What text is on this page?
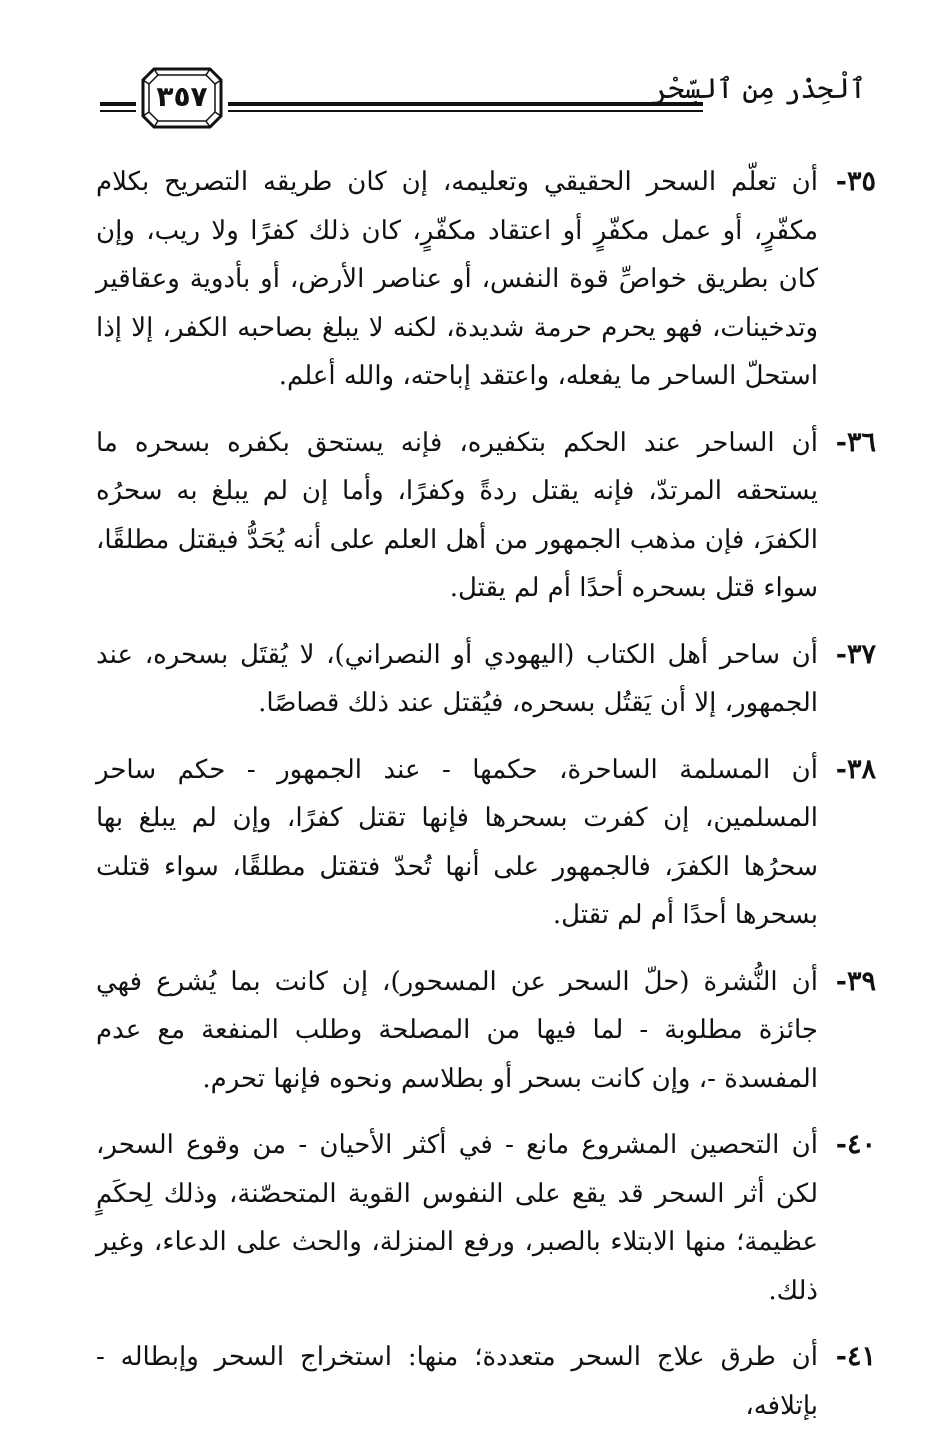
ٱلْحِذْر مِن ٱلسِّحْر
٣٥٧
٣٥-
أن تعلّم السحر الحقيقي وتعليمه، إن كان طريقه التصريح بكلام مكفّرٍ، أو عمل مكفّرٍ أو اعتقاد مكفّرٍ، كان ذلك كفرًا ولا ريب، وإن كان بطريق خواصِّ قوة النفس، أو عناصر الأرض، أو بأدوية وعقاقير وتدخينات، فهو يحرم حرمة شديدة، لكنه لا يبلغ بصاحبه الكفر، إلا إذا استحلّ الساحر ما يفعله، واعتقد إباحته، والله أعلم.
٣٦-
أن الساحر عند الحكم بتكفيره، فإنه يستحق بكفره بسحره ما يستحقه المرتدّ، فإنه يقتل ردةً وكفرًا، وأما إن لم يبلغ به سحرُه الكفرَ، فإن مذهب الجمهور من أهل العلم على أنه يُحَدُّ فيقتل مطلقًا، سواء قتل بسحره أحدًا أم لم يقتل.
٣٧-
أن ساحر أهل الكتاب (اليهودي أو النصراني)، لا يُقتَل بسحره، عند الجمهور، إلا أن يَقتُل بسحره، فيُقتل عند ذلك قصاصًا.
٣٨-
أن المسلمة الساحرة، حكمها - عند الجمهور - حكم ساحر المسلمين، إن كفرت بسحرها فإنها تقتل كفرًا، وإن لم يبلغ بها سحرُها الكفرَ، فالجمهور على أنها تُحدّ فتقتل مطلقًا، سواء قتلت بسحرها أحدًا أم لم تقتل.
٣٩-
أن النُّشرة (حلّ السحر عن المسحور)، إن كانت بما يُشرع فهي جائزة مطلوبة - لما فيها من المصلحة وطلب المنفعة مع عدم المفسدة -، وإن كانت بسحر أو بطلاسم ونحوه فإنها تحرم.
٤٠-
أن التحصين المشروع مانع - في أكثر الأحيان - من وقوع السحر، لكن أثر السحر قد يقع على النفوس القوية المتحصّنة، وذلك لِحكَمٍ عظيمة؛ منها الابتلاء بالصبر، ورفع المنزلة، والحث على الدعاء، وغير ذلك.
٤١-
أن طرق علاج السحر متعددة؛ منها: استخراج السحر وإبطاله - بإتلافه،
